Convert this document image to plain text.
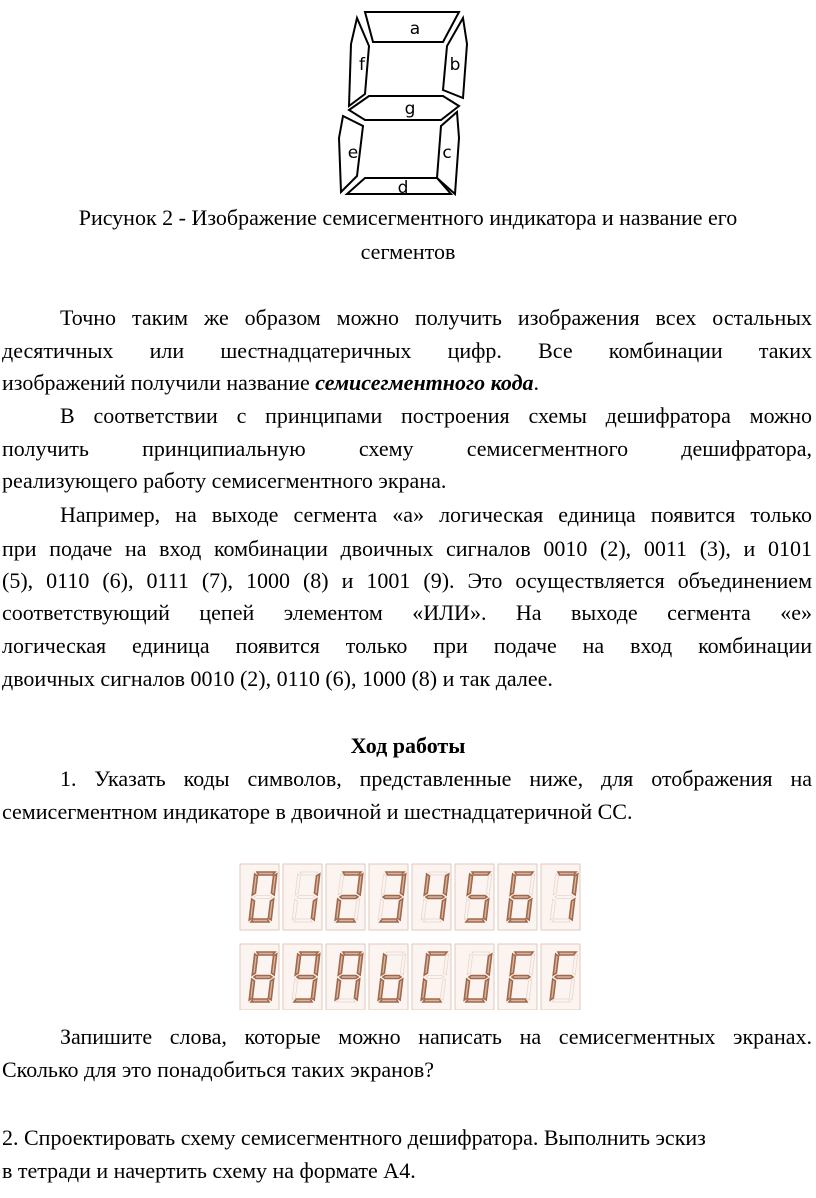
a
f	b
g
e	c
d
Рисунок 2 - Изображение семисегментного индикатора и название его
сегментов
Точно таким же образом можно получить изображения всех остальных
десятичных или шестнадцатеричных цифр. Все комбинации таких
изображений получили название семисегментного кода.
В соответствии с принципами построения схемы дешифратора можно
получить принципиальную схему семисегментного дешифратора,
реализующего работу семисегментного экрана.
Например, на выходе сегмента «а» логическая единица появится только
при подаче на вход комбинации двоичных сигналов 0010 (2), 0011 (3), и 0101
(5), 0110 (6), 0111 (7), 1000 (8) и 1001 (9). Это осуществляется объединением
соответствующий цепей элементом «ИЛИ». На выходе сегмента «е»
логическая единица появится только при подаче на вход комбинации
двоичных сигналов 0010 (2), 0110 (6), 1000 (8) и так далее.
Ход работы
1. Указать коды символов, представленные ниже, для отображения на
семисегментном индикаторе в двоичной и шестнадцатеричной СС.
Запишите слова, которые можно написать на семисегментных экранах.
Сколько для это понадобиться таких экранов?
2. Спроектировать схему семисегментного дешифратора. Выполнить эскиз
в тетради и начертить схему на формате А4.
